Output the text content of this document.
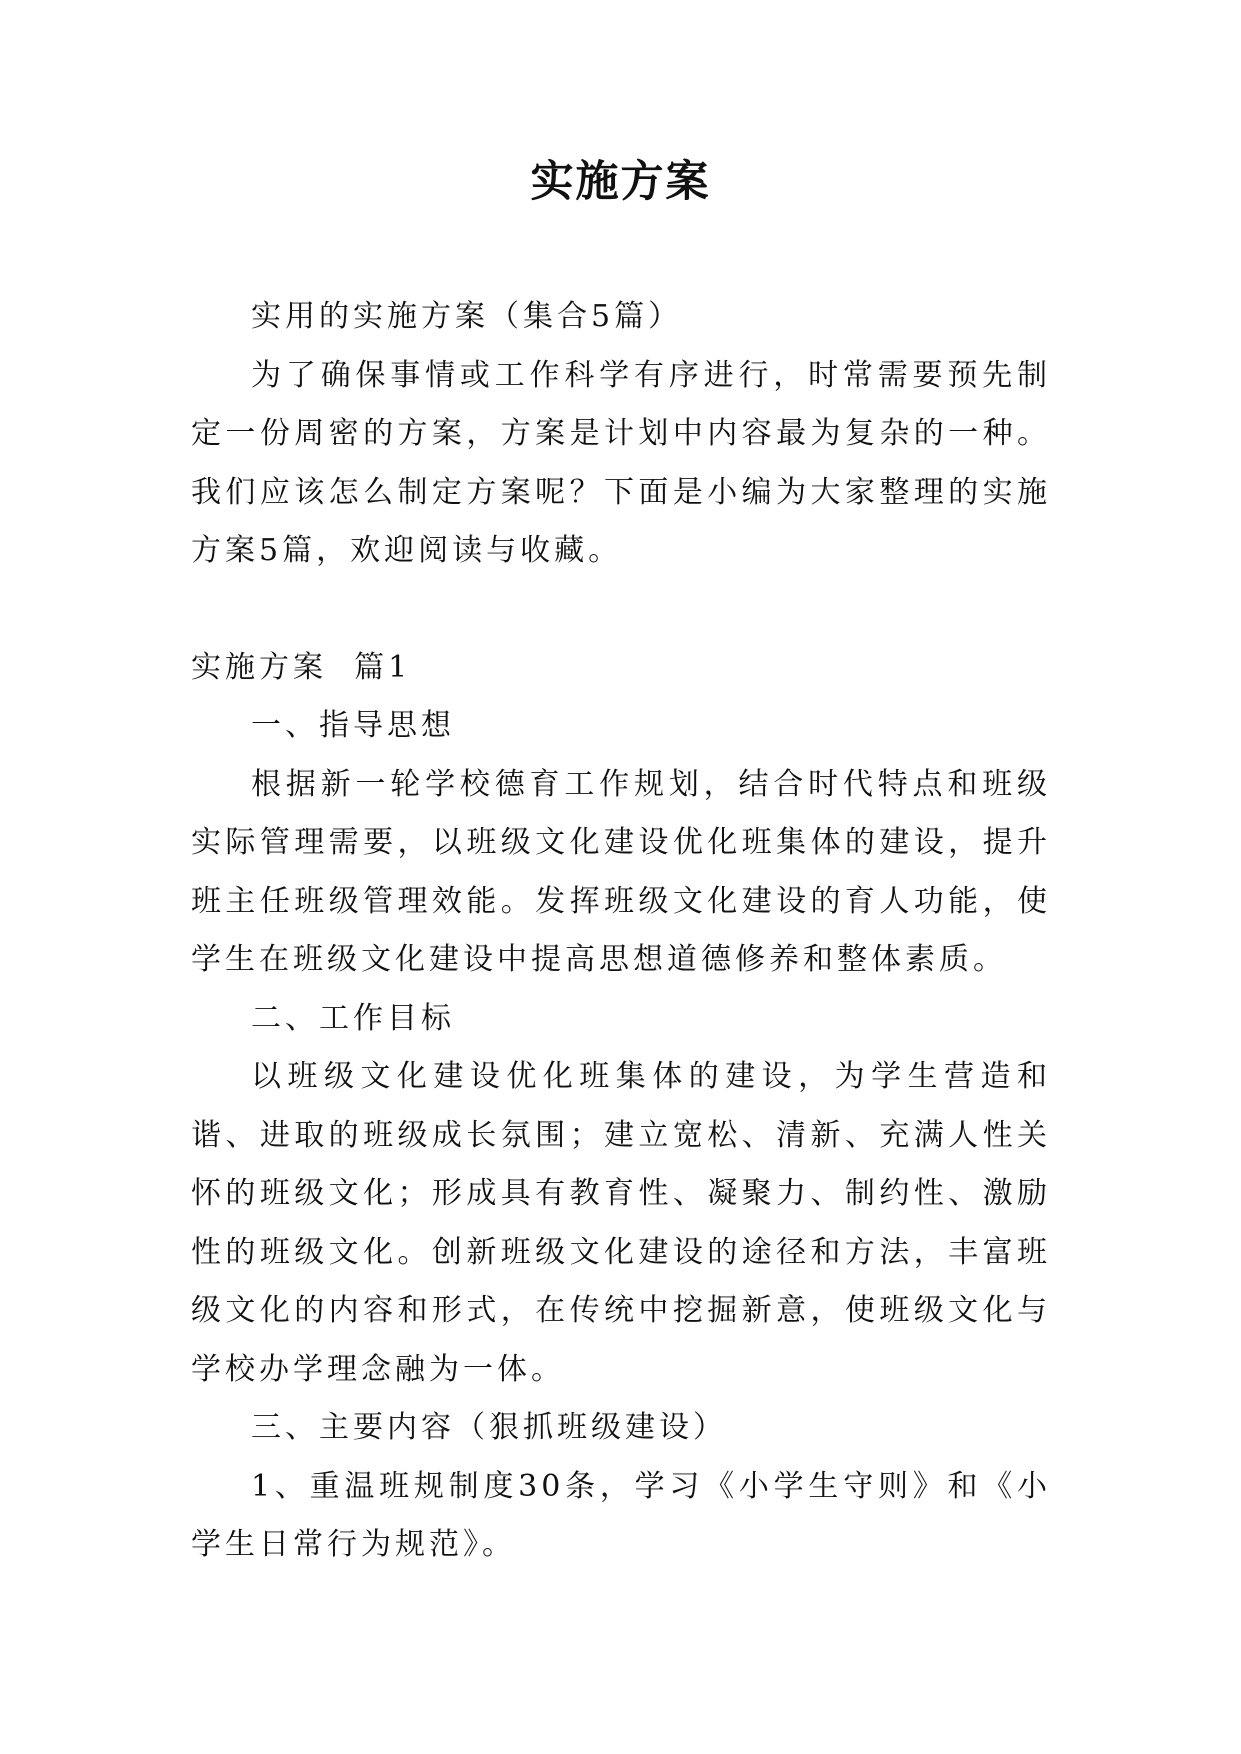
实施方案

实用的实施方案（集合5篇）

为了确保事情或工作科学有序进行，时常需要预先制定一份周密的方案，方案是计划中内容最为复杂的一种。我们应该怎么制定方案呢？下面是小编为大家整理的实施方案5篇，欢迎阅读与收藏。

实施方案  篇1

一、指导思想

根据新一轮学校德育工作规划，结合时代特点和班级实际管理需要，以班级文化建设优化班集体的建设，提升班主任班级管理效能。发挥班级文化建设的育人功能，使学生在班级文化建设中提高思想道德修养和整体素质。

二、工作目标

以班级文化建设优化班集体的建设，为学生营造和谐、进取的班级成长氛围；建立宽松、清新、充满人性关怀的班级文化；形成具有教育性、凝聚力、制约性、激励性的班级文化。创新班级文化建设的途径和方法，丰富班级文化的内容和形式，在传统中挖掘新意，使班级文化与学校办学理念融为一体。

三、主要内容（狠抓班级建设）

1、重温班规制度30条，学习《小学生守则》和《小学生日常行为规范》。
